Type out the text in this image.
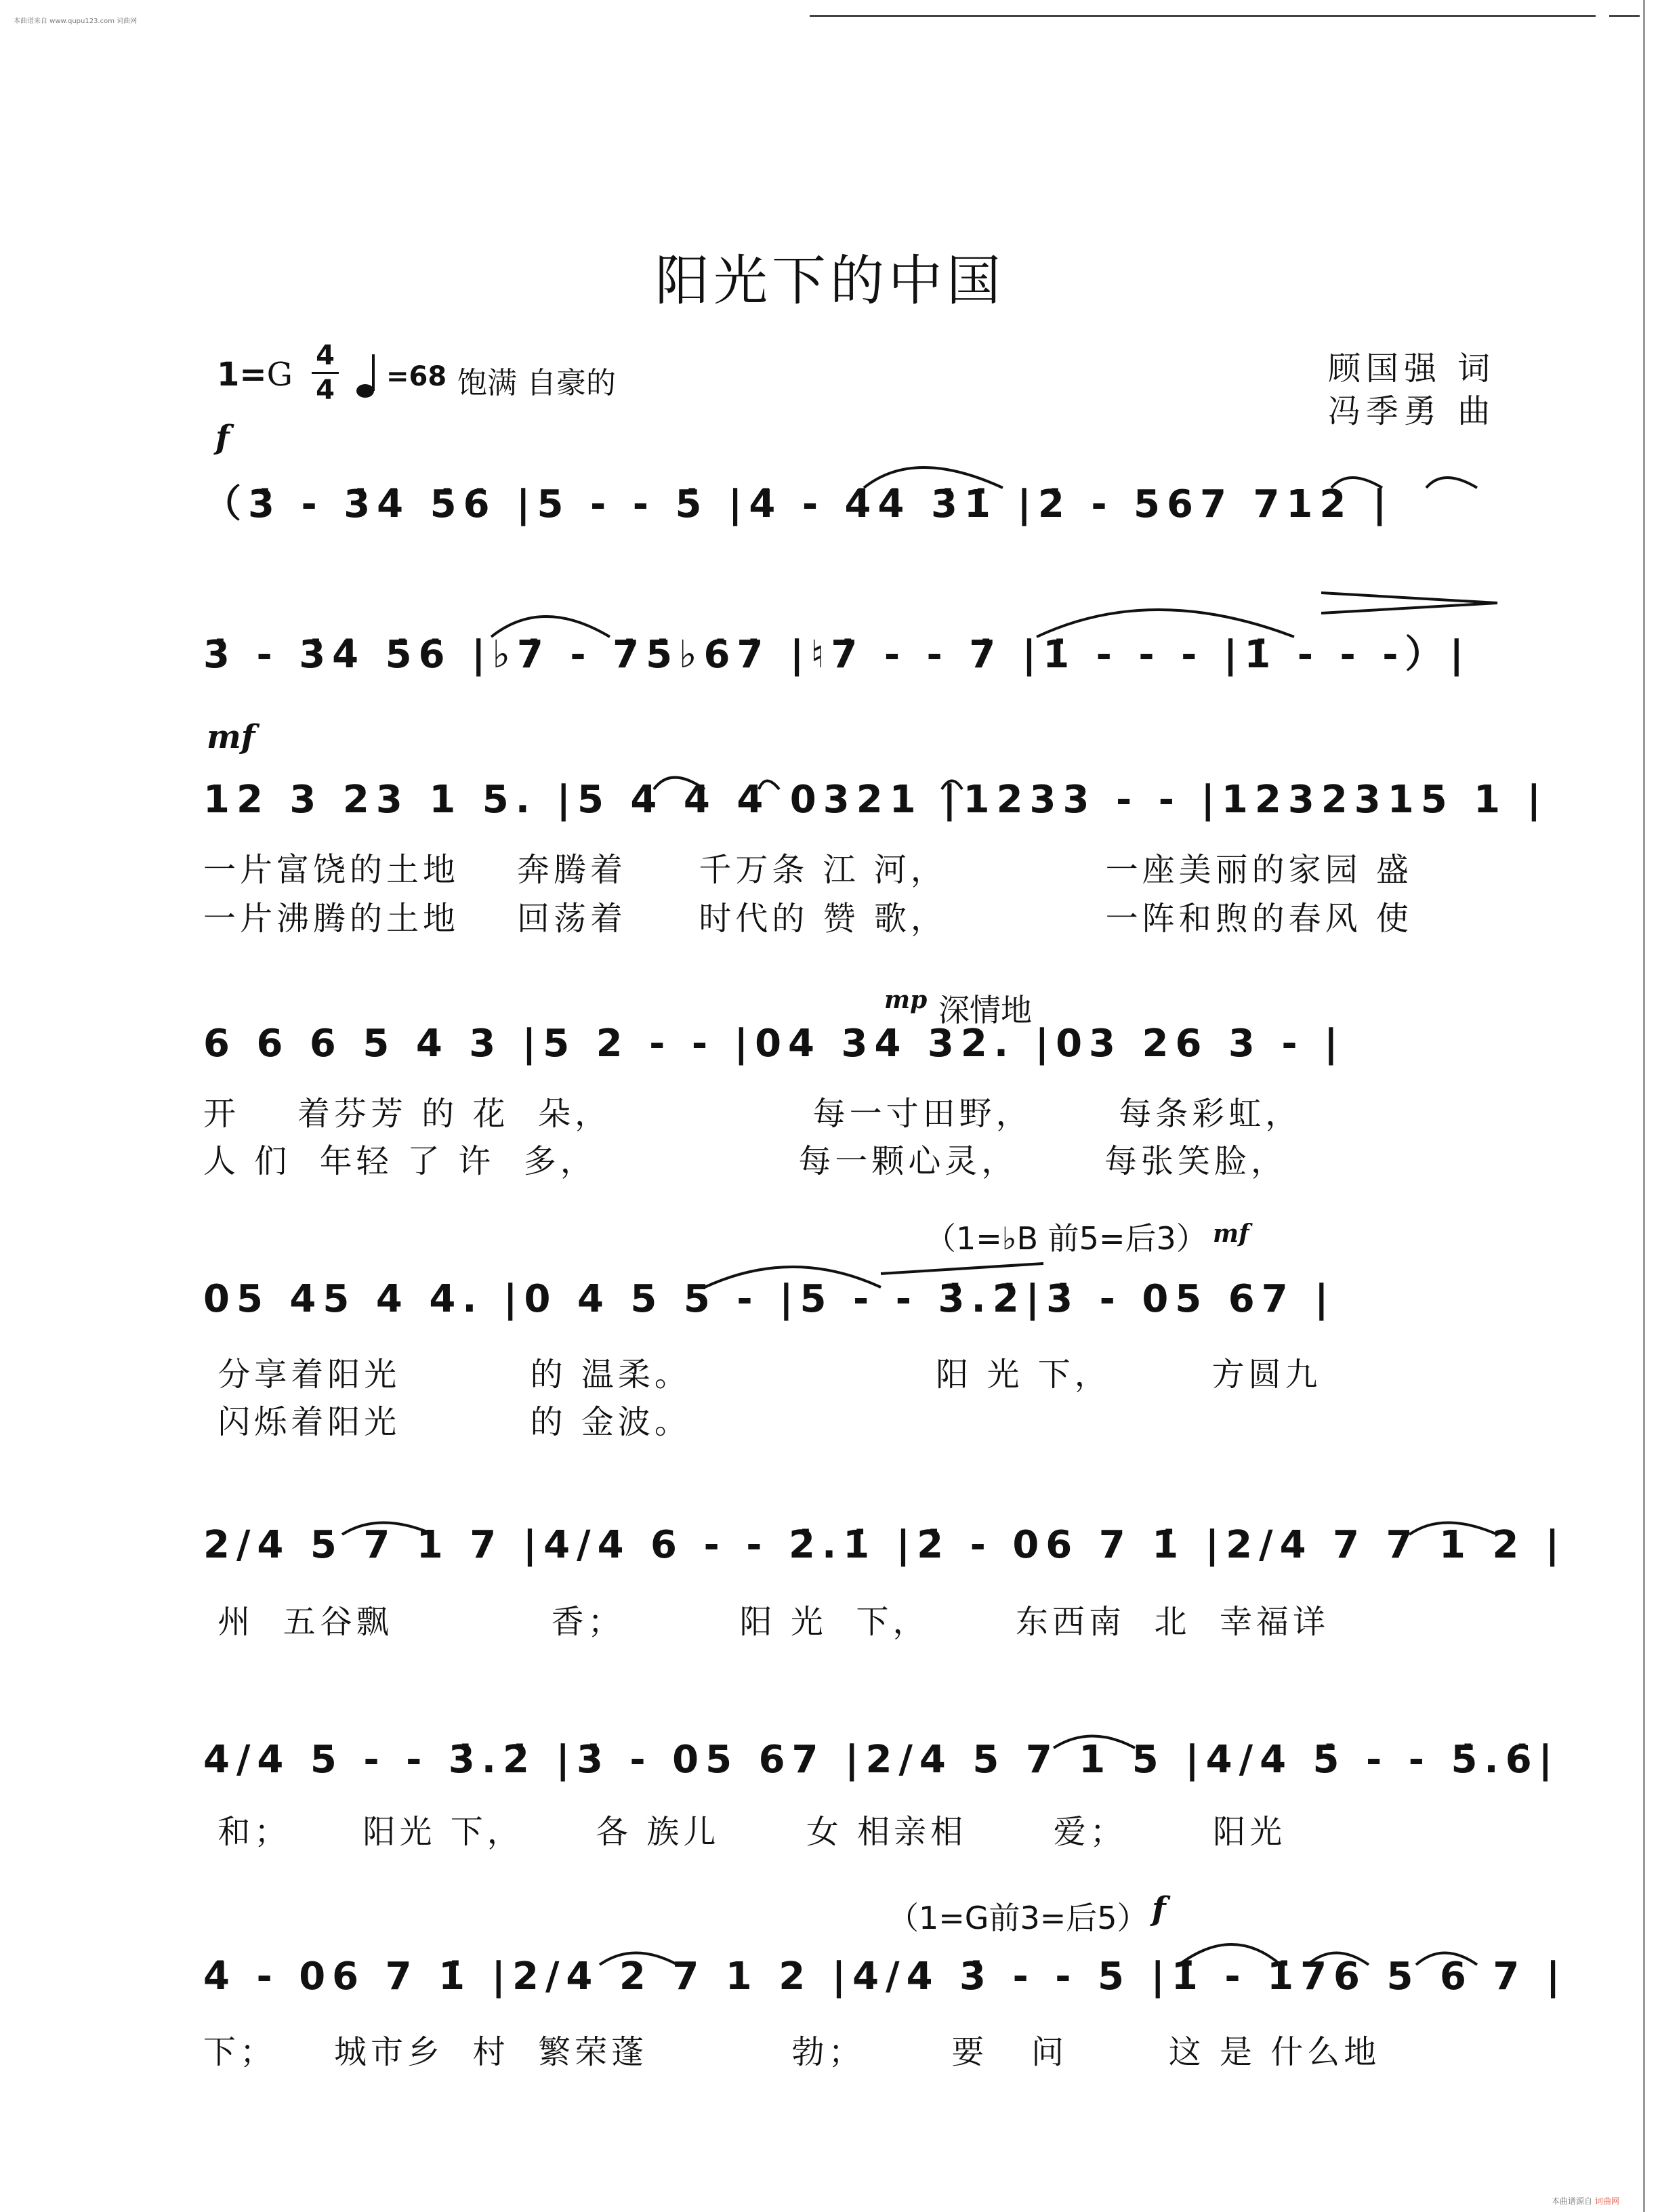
本曲谱来自 www.qupu123.com 词曲网
本曲谱源自 词曲网
阳光下的中国
顾国强 词
冯季勇 曲
1=G 4
4 =68 饱满 自豪的
f
（3̇ - 3̇4̇ 5̇6̇ |5 - - 5̇ |4̇ - 4̇4̇ 3̇1̇ |2̇ - 567 712 |
3̇ - 3̇4̇ 5̇6̇ |♭7̇ - 7̇5̇♭6̇7̇ |♮7̇ - - 7̇ |1̇ - - - |1̇ - - -）|
mf
12 3 23 1 5. |5 4 4 4 0321 |1233 - - |1232315 1 |
一片富饶的土地    奔腾着     千万条 江 河，           一座美丽的家园 盛
一片沸腾的土地    回荡着     时代的 赞 歌，           一阵和煦的春风 使
mp 深情地
6 6 6 5 4 3 |5 2 - - |04 34 32. |03 26 3 - |
开    着芬芳 的 花  朵，              每一寸田野，      每条彩虹，
人 们  年轻 了 许  多，              每一颗心灵，      每张笑脸，
（1=♭B 前5=后3） mf
05 45 4 4. |0 4 5 5 - |5 - - 3̇.2̇|3̇ - 05 67 |
分享着阳光         的 温柔。                 阳 光 下，       方圆九
闪烁着阳光         的 金波。
2/4 5 7 1 7 |4/4 6 - - 2̇.1̇ |2̇ - 06 7 1̇ |2/4 7 7 1 2 |
州  五谷飘           香；        阳 光  下，      东西南  北  幸福详
4/4 5 - - 3̇.2̇ |3̇ - 05 67 |2/4 5 7 1 5 |4/4 5̇ - - 5̇.6̇|
和；     阳光 下，     各 族儿      女 相亲相      爱；      阳光
（1=G前3=后5） f
4̇ - 06 7 1̇ |2/4 2 7 1 2 |4/4 3̇ - - 5 |1̇ - 1̇76 5 6 7 |
下；    城市乡  村  繁荣蓬          勃；      要   问       这 是 什么地
